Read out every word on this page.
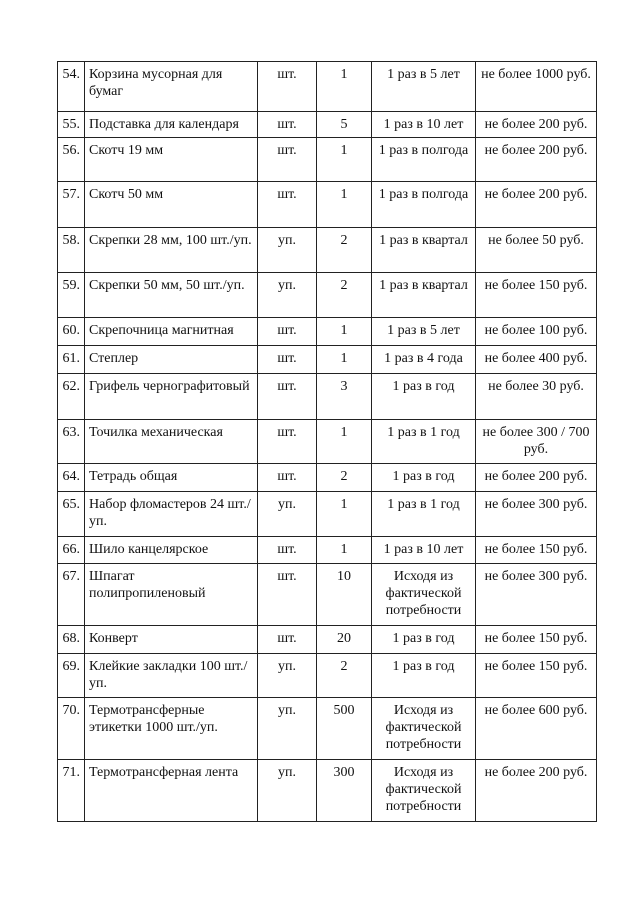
54.	Корзина мусорная для бумаг	шт.	1	1 раз в 5 лет	не более 1000 руб.
55.	Подставка для календаря	шт.	5	1 раз в 10 лет	не более 200 руб.
56.	Скотч 19 мм	шт.	1	1 раз в полгода	не более 200 руб.
57.	Скотч 50 мм	шт.	1	1 раз в полгода	не более 200 руб.
58.	Скрепки 28 мм, 100 шт./уп.	уп.	2	1 раз в квартал	не более 50 руб.
59.	Скрепки 50 мм, 50 шт./уп.	уп.	2	1 раз в квартал	не более 150 руб.
60.	Скрепочница магнитная	шт.	1	1 раз в 5 лет	не более 100 руб.
61.	Степлер	шт.	1	1 раз в 4 года	не более 400 руб.
62.	Грифель чернографитовый	шт.	3	1 раз в год	не более 30 руб.
63.	Точилка механическая	шт.	1	1 раз в 1 год	не более 300 / 700 руб.
64.	Тетрадь общая	шт.	2	1 раз в год	не более 200 руб.
65.	Набор фломастеров 24 шт./уп.	уп.	1	1 раз в 1 год	не более 300 руб.
66.	Шило канцелярское	шт.	1	1 раз в 10 лет	не более 150 руб.
67.	Шпагат полипропиленовый	шт.	10	Исходя из фактической потребности	не более 300 руб.
68.	Конверт	шт.	20	1 раз в год	не более 150 руб.
69.	Клейкие закладки 100 шт./уп.	уп.	2	1 раз в год	не более 150 руб.
70.	Термотрансферные этикетки 1000 шт./уп.	уп.	500	Исходя из фактической потребности	не более 600 руб.
71.	Термотрансферная лента	уп.	300	Исходя из фактической потребности	не более 200 руб.
